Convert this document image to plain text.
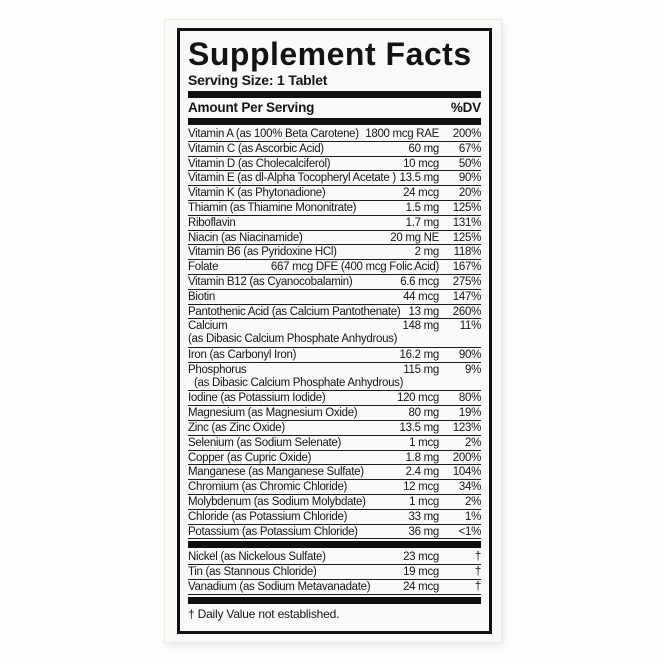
Supplement Facts
Serving Size: 1 Tablet
Amount Per Serving	%DV
Vitamin A (as 100% Beta Carotene) 1800 mcg RAE	200%
Vitamin C (as Ascorbic Acid)	60 mg	67%
Vitamin D (as Cholecalciferol)	10 mcg	50%
Vitamin E (as dl-Alpha Tocopheryl Acetate ) 13.5 mg	90%
Vitamin K (as Phytonadione)	24 mcg	20%
Thiamin (as Thiamine Mononitrate)	1.5 mg	125%
Riboflavin	1.7 mg	131%
Niacin (as Niacinamide)	20 mg NE	125%
Vitamin B6 (as Pyridoxine HCl)	2 mg	118%
Folate	667 mcg DFE (400 mcg Folic Acid)	167%
Vitamin B12 (as Cyanocobalamin)	6.6 mcg	275%
Biotin	44 mcg	147%
Pantothenic Acid (as Calcium Pantothenate) 13 mg	260%
Calcium	148 mg	11%
(as Dibasic Calcium Phosphate Anhydrous)
Iron (as Carbonyl Iron)	16.2 mg	90%
Phosphorus	115 mg	9%
(as Dibasic Calcium Phosphate Anhydrous)
Iodine (as Potassium Iodide)	120 mcg	80%
Magnesium (as Magnesium Oxide)	80 mg	19%
Zinc (as Zinc Oxide)	13.5 mg	123%
Selenium (as Sodium Selenate)	1 mcg	2%
Copper (as Cupric Oxide)	1.8 mg	200%
Manganese (as Manganese Sulfate)	2.4 mg	104%
Chromium (as Chromic Chloride)	12 mcg	34%
Molybdenum (as Sodium Molybdate)	1 mcg	2%
Chloride (as Potassium Chloride)	33 mg	1%
Potassium (as Potassium Chloride)	36 mg	<1%
Nickel (as Nickelous Sulfate)	23 mcg	†
Tin (as Stannous Chloride)	19 mcg	†
Vanadium (as Sodium Metavanadate)	24 mcg	†
† Daily Value not established.
